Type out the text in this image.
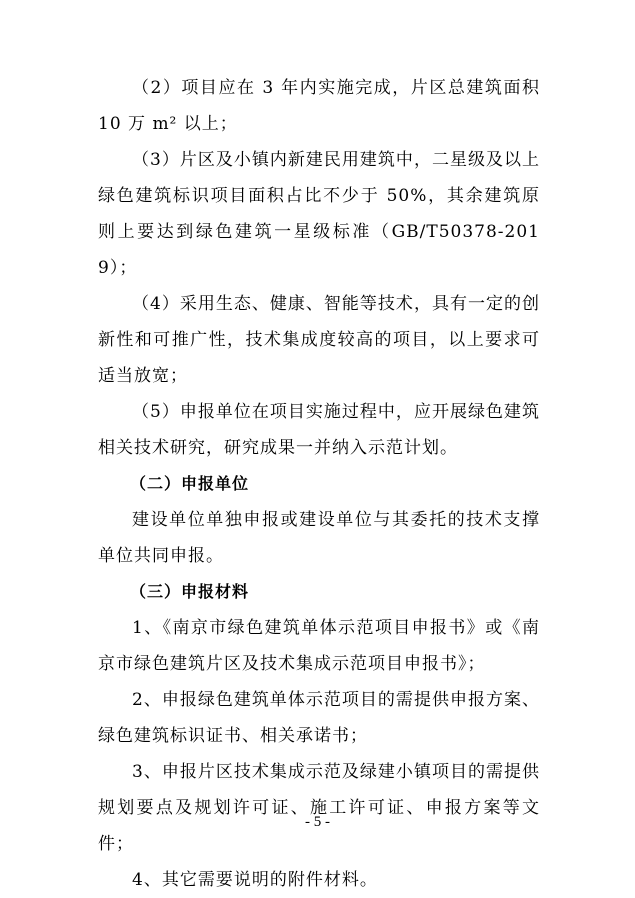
（2）项目应在 3 年内实施完成，片区总建筑面积 10 万 m² 以上；

（3）片区及小镇内新建民用建筑中，二星级及以上绿色建筑标识项目面积占比不少于 50%，其余建筑原则上要达到绿色建筑一星级标准（GB/T50378-2019）；

（4）采用生态、健康、智能等技术，具有一定的创新性和可推广性，技术集成度较高的项目，以上要求可适当放宽；

（5）申报单位在项目实施过程中，应开展绿色建筑相关技术研究，研究成果一并纳入示范计划。

（二）申报单位

建设单位单独申报或建设单位与其委托的技术支撑单位共同申报。

（三）申报材料

1、《南京市绿色建筑单体示范项目申报书》或《南京市绿色建筑片区及技术集成示范项目申报书》；

2、申报绿色建筑单体示范项目的需提供申报方案、绿色建筑标识证书、相关承诺书；

3、申报片区技术集成示范及绿建小镇项目的需提供规划要点及规划许可证、施工许可证、申报方案等文件；

4、其它需要说明的附件材料。

- 5 -
